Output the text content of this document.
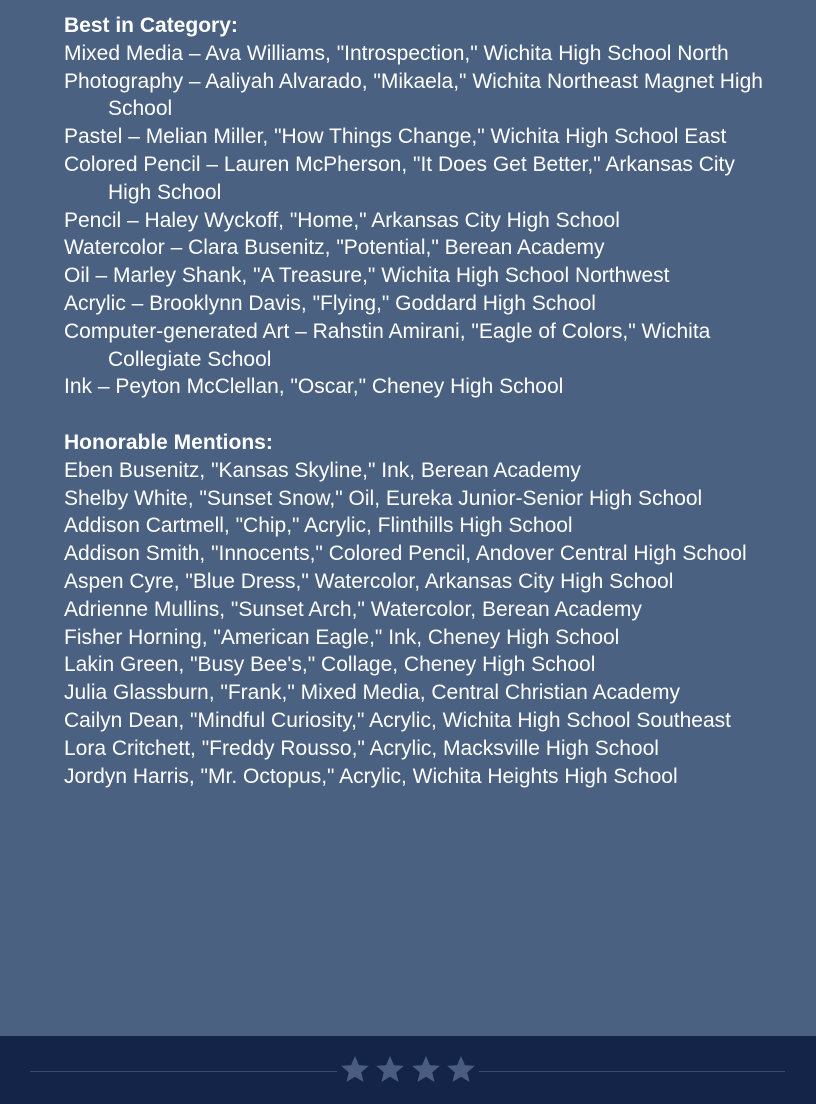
Best in Category:

Mixed Media – Ava Williams, "Introspection," Wichita High School North
Photography – Aaliyah Alvarado, "Mikaela," Wichita Northeast Magnet High School
Pastel – Melian Miller, "How Things Change," Wichita High School East
Colored Pencil – Lauren McPherson, "It Does Get Better," Arkansas City High School
Pencil – Haley Wyckoff, "Home," Arkansas City High School
Watercolor – Clara Busenitz, "Potential," Berean Academy
Oil – Marley Shank, "A Treasure," Wichita High School Northwest
Acrylic – Brooklynn Davis, "Flying," Goddard High School
Computer-generated Art – Rahstin Amirani, "Eagle of Colors," Wichita Collegiate School
Ink – Peyton McClellan, "Oscar," Cheney High School

Honorable Mentions:

Eben Busenitz, "Kansas Skyline," Ink, Berean Academy
Shelby White, "Sunset Snow," Oil, Eureka Junior-Senior High School
Addison Cartmell, "Chip," Acrylic, Flinthills High School
Addison Smith, "Innocents," Colored Pencil, Andover Central High School
Aspen Cyre, "Blue Dress," Watercolor, Arkansas City High School
Adrienne Mullins, "Sunset Arch," Watercolor, Berean Academy
Fisher Horning, "American Eagle," Ink, Cheney High School
Lakin Green, "Busy Bee's," Collage, Cheney High School
Julia Glassburn, "Frank," Mixed Media, Central Christian Academy
Cailyn Dean, "Mindful Curiosity," Acrylic, Wichita High School Southeast
Lora Critchett, "Freddy Rousso," Acrylic, Macksville High School
Jordyn Harris, "Mr. Octopus," Acrylic, Wichita Heights High School
